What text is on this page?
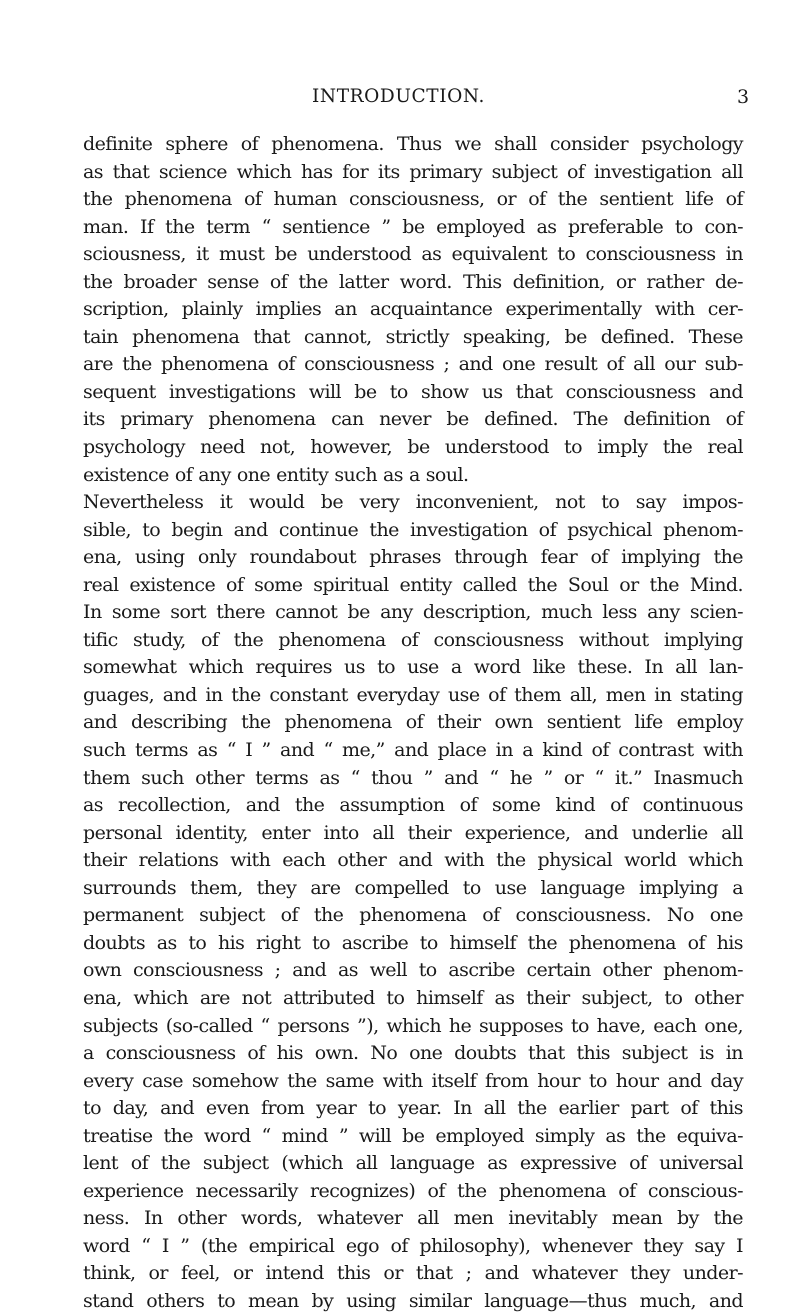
INTRODUCTION.	3
definite sphere of phenomena. Thus we shall consider psychology
as that science which has for its primary subject of investigation all
the phenomena of human consciousness, or of the sentient life of
man. If the term “ sentience ” be employed as preferable to con-
sciousness, it must be understood as equivalent to consciousness in
the broader sense of the latter word. This definition, or rather de-
scription, plainly implies an acquaintance experimentally with cer-
tain phenomena that cannot, strictly speaking, be defined. These
are the phenomena of consciousness ; and one result of all our sub-
sequent investigations will be to show us that consciousness and
its primary phenomena can never be defined. The definition of
psychology need not, however, be understood to imply the real
existence of any one entity such as a soul.
Nevertheless it would be very inconvenient, not to say impos-
sible, to begin and continue the investigation of psychical phenom-
ena, using only roundabout phrases through fear of implying the
real existence of some spiritual entity called the Soul or the Mind.
In some sort there cannot be any description, much less any scien-
tific study, of the phenomena of consciousness without implying
somewhat which requires us to use a word like these. In all lan-
guages, and in the constant everyday use of them all, men in stating
and describing the phenomena of their own sentient life employ
such terms as “ I ” and “ me,” and place in a kind of contrast with
them such other terms as “ thou ” and “ he ” or “ it.” Inasmuch
as recollection, and the assumption of some kind of continuous
personal identity, enter into all their experience, and underlie all
their relations with each other and with the physical world which
surrounds them, they are compelled to use language implying a
permanent subject of the phenomena of consciousness. No one
doubts as to his right to ascribe to himself the phenomena of his
own consciousness ; and as well to ascribe certain other phenom-
ena, which are not attributed to himself as their subject, to other
subjects (so-called “ persons ”), which he supposes to have, each one,
a consciousness of his own. No one doubts that this subject is in
every case somehow the same with itself from hour to hour and day
to day, and even from year to year. In all the earlier part of this
treatise the word “ mind ” will be employed simply as the equiva-
lent of the subject (which all language as expressive of universal
experience necessarily recognizes) of the phenomena of conscious-
ness. In other words, whatever all men inevitably mean by the
word “ I ” (the empirical ego of philosophy), whenever they say I
think, or feel, or intend this or that ; and whatever they under-
stand others to mean by using similar language—thus much, and
